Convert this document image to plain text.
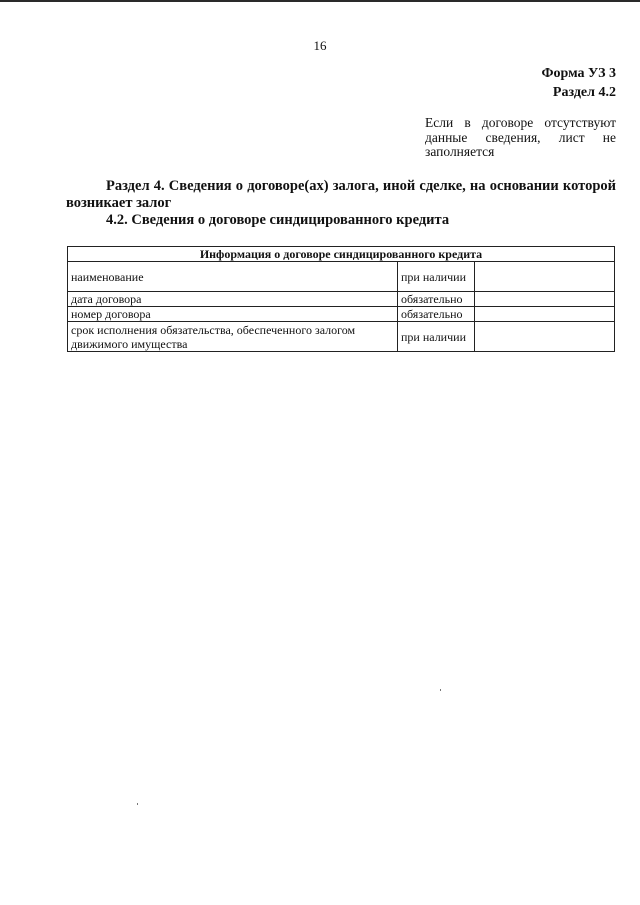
16
Форма УЗ 3
Раздел 4.2
Если в договоре отсутствуют данные сведения, лист не заполняется
Раздел 4. Сведения о договоре(ах) залога, иной сделке, на основании которой возникает залог
4.2. Сведения о договоре синдицированного кредита
Информация о договоре синдицированного кредита		
наименование	при наличии	
дата договора	обязательно	
номер договора	обязательно	
срок исполнения обязательства, обеспеченного залогом движимого имущества	при наличии	
